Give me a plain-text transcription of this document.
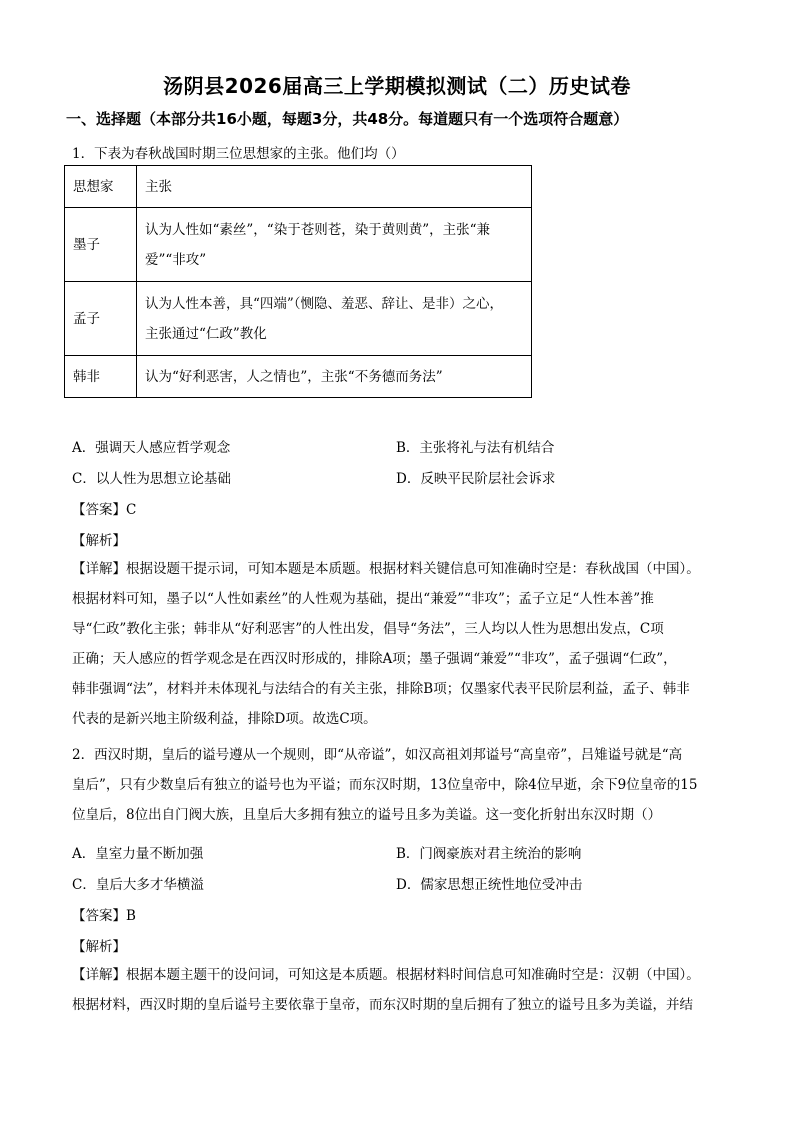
汤阴县2026届高三上学期模拟测试（二）历史试卷
一、选择题（本部分共16小题，每题3分，共48分。每道题只有一个选项符合题意）
1．下表为春秋战国时期三位思想家的主张。他们均（）
思想家	主张
墨子	认为人性如“素丝”，“染于苍则苍，染于黄则黄”，主张“兼
爱”“非攻”

孟子	认为人性本善，具“四端”（恻隐、羞恶、辞让、是非）之心，
主张通过“仁政”教化

韩非	认为“好利恶害，人之情也”，主张“不务德而务法”
A．强调天人感应哲学观念	B．主张将礼与法有机结合
C．以人性为思想立论基础	D．反映平民阶层社会诉求
【答案】C
【解析】
【详解】根据设题干提示词，可知本题是本质题。根据材料关键信息可知准确时空是：春秋战国（中国）。
根据材料可知，墨子以“人性如素丝”的人性观为基础，提出“兼爱”“非攻”；孟子立足“人性本善”推
导“仁政”教化主张；韩非从“好利恶害”的人性出发，倡导“务法”，三人均以人性为思想出发点，C项
正确；天人感应的哲学观念是在西汉时形成的，排除A项；墨子强调“兼爱”“非攻”，孟子强调“仁政”，
韩非强调“法”，材料并未体现礼与法结合的有关主张，排除B项；仅墨家代表平民阶层利益，孟子、韩非
代表的是新兴地主阶级利益，排除D项。故选C项。
2．西汉时期，皇后的谥号遵从一个规则，即“从帝谥”，如汉高祖刘邦谥号“高皇帝”，吕雉谥号就是“高
皇后”，只有少数皇后有独立的谥号也为平谥；而东汉时期，13位皇帝中，除4位早逝，余下9位皇帝的15
位皇后，8位出自门阀大族，且皇后大多拥有独立的谥号且多为美谥。这一变化折射出东汉时期（）
A．皇室力量不断加强	B．门阀豪族对君主统治的影响
C．皇后大多才华横溢	D．儒家思想正统性地位受冲击
【答案】B
【解析】
【详解】根据本题主题干的设问词，可知这是本质题。根据材料时间信息可知准确时空是：汉朝（中国）。
根据材料，西汉时期的皇后谥号主要依靠于皇帝，而东汉时期的皇后拥有了独立的谥号且多为美谥，并结
